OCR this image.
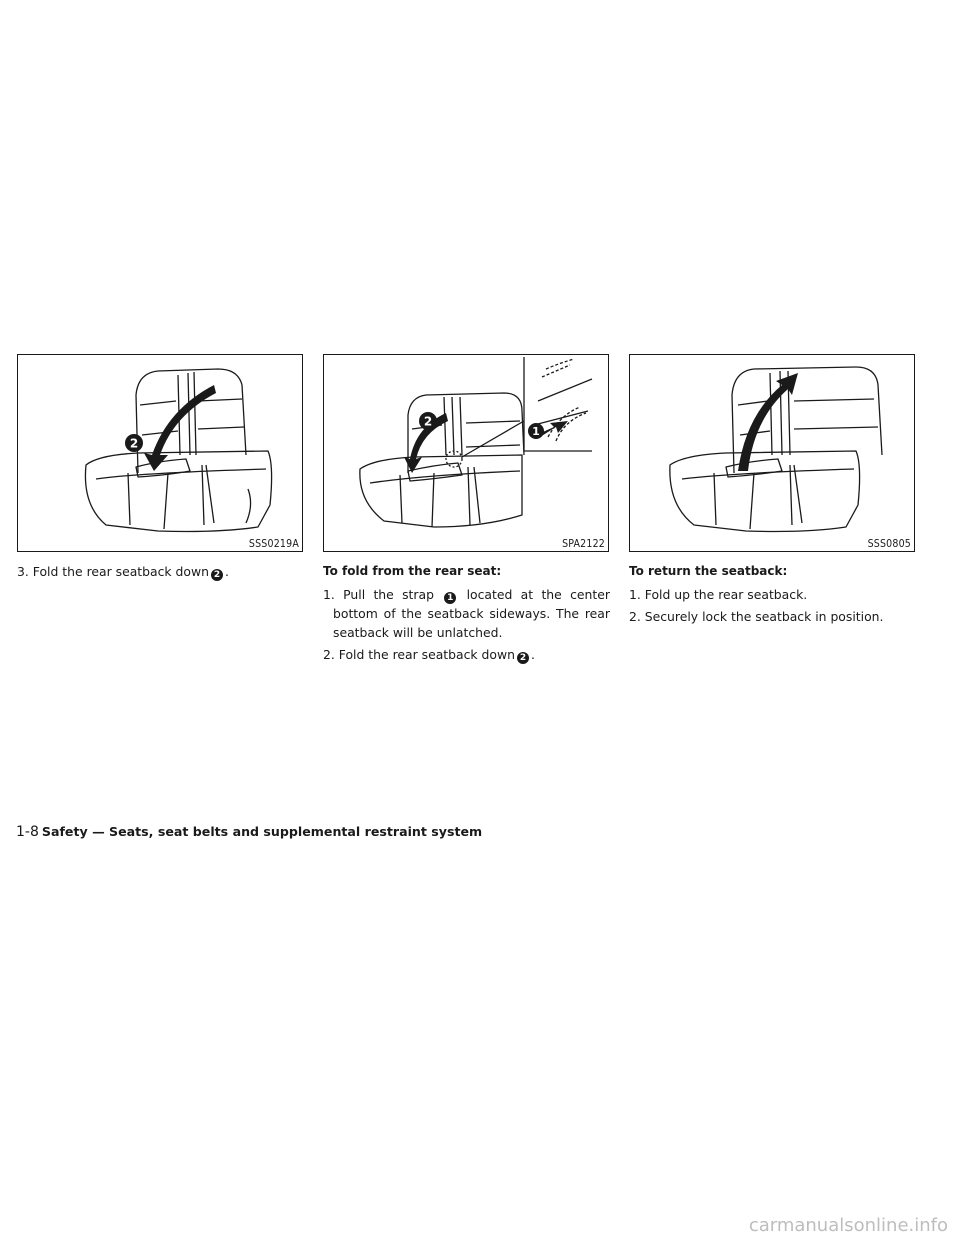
2
SSS0219A
2
1
SPA2122	SSS0805

3. Fold the rear seatback down 2 .	To fold from the rear seat:

1. Pull the strap 1 located at the center bottom of the seatback sideways. The rear seatback will be unlatched.

2. Fold the rear seatback down 2 .

To return the seatback:

1. Fold up the rear seatback.

2. Securely lock the seatback in position.

1-8 Safety — Seats, seat belts and supplemental restraint system
carmanualsonline.info
